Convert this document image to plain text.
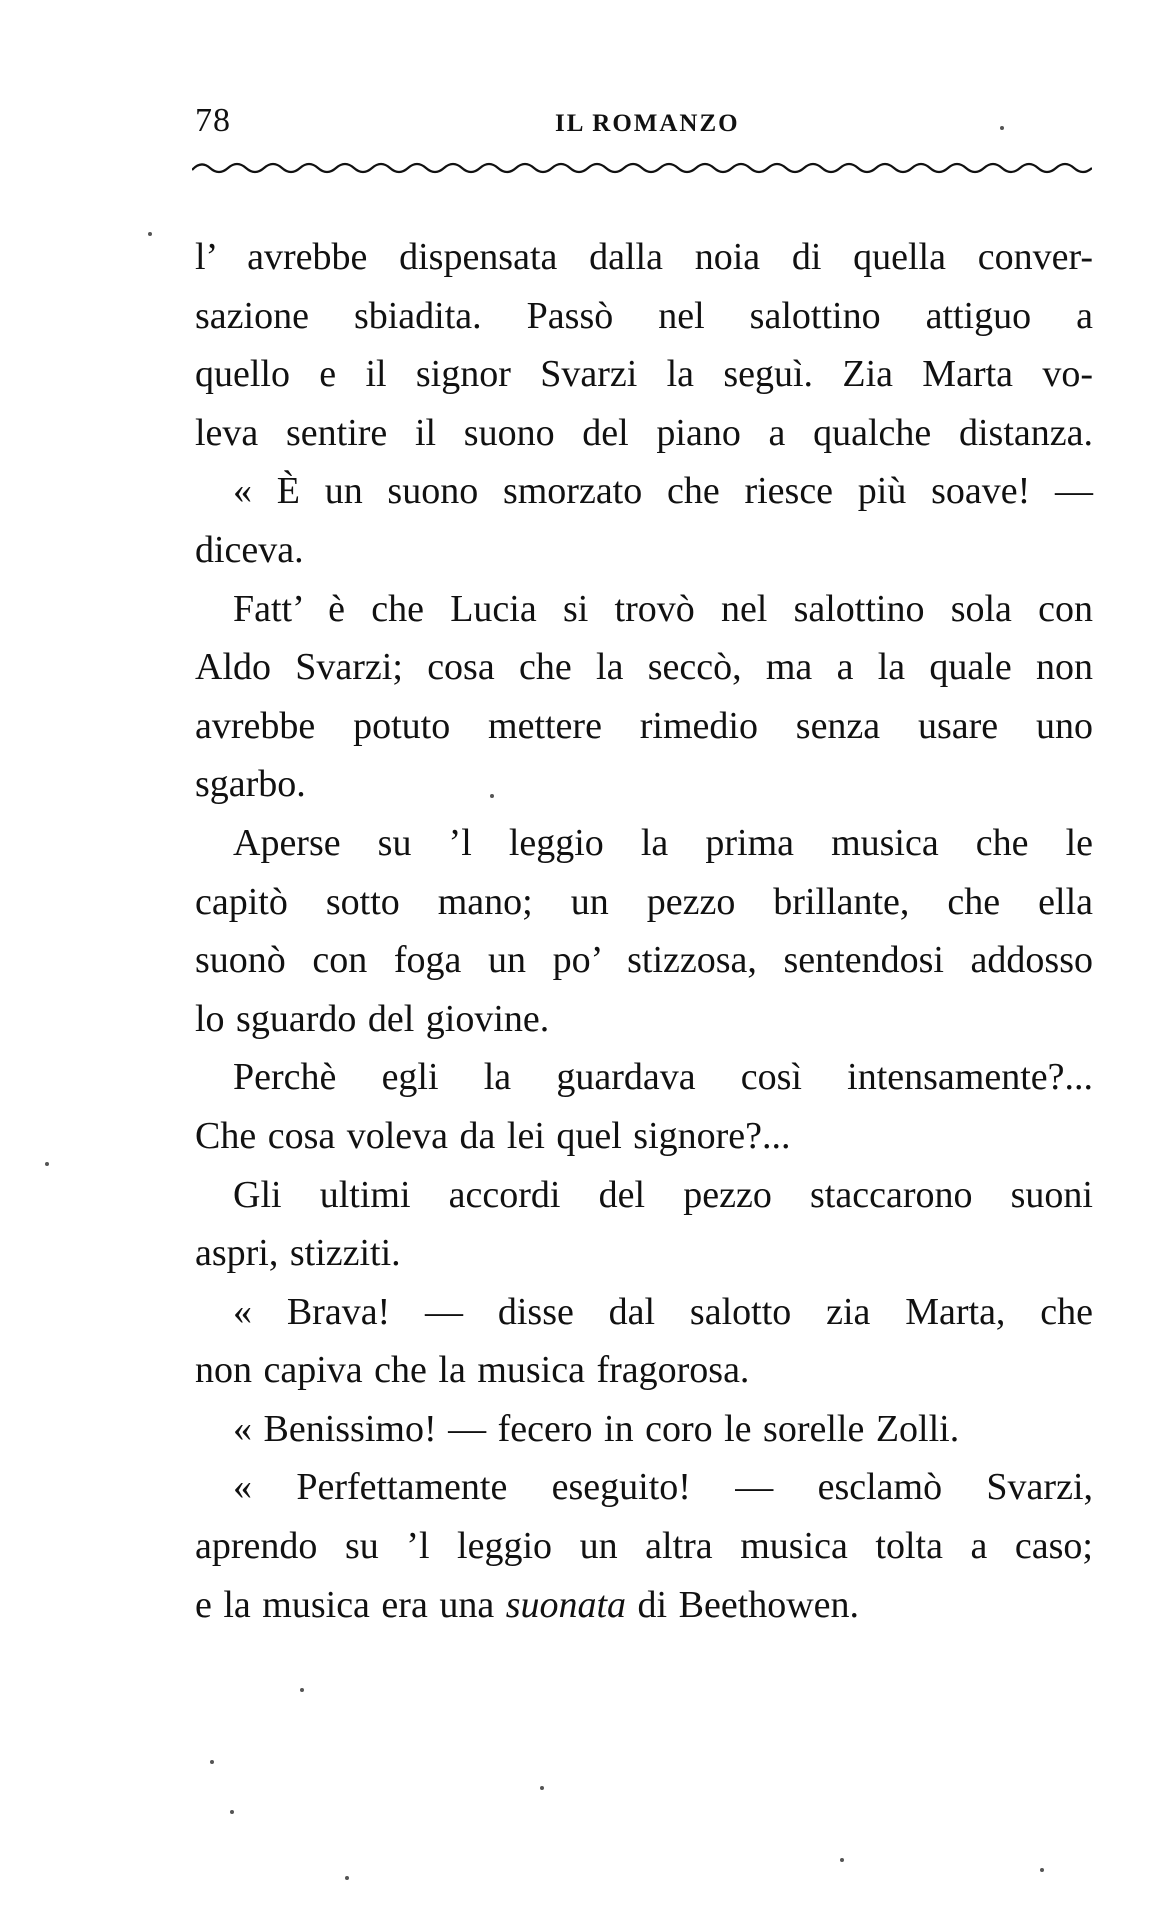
78	IL ROMANZO
l’ avrebbe dispensata dalla noia di quella conver-
sazione sbiadita. Passò nel salottino attiguo a
quello e il signor Svarzi la seguì. Zia Marta vo-
leva sentire il suono del piano a qualche distanza.
« È un suono smorzato che riesce più soave! —
diceva.
Fatt’ è che Lucia si trovò nel salottino sola con
Aldo Svarzi; cosa che la seccò, ma a la quale non
avrebbe potuto mettere rimedio senza usare uno
sgarbo.
Aperse su ’l leggio la prima musica che le
capitò sotto mano; un pezzo brillante, che ella
suonò con foga un po’ stizzosa, sentendosi addosso
lo sguardo del giovine.
Perchè egli la guardava così intensamente?...
Che cosa voleva da lei quel signore?...
Gli ultimi accordi del pezzo staccarono suoni
aspri, stizziti.
« Brava! — disse dal salotto zia Marta, che
non capiva che la musica fragorosa.
« Benissimo! — fecero in coro le sorelle Zolli.
« Perfettamente eseguito! — esclamò Svarzi,
aprendo su ’l leggio un altra musica tolta a caso;
e la musica era una suonata di Beethowen.
